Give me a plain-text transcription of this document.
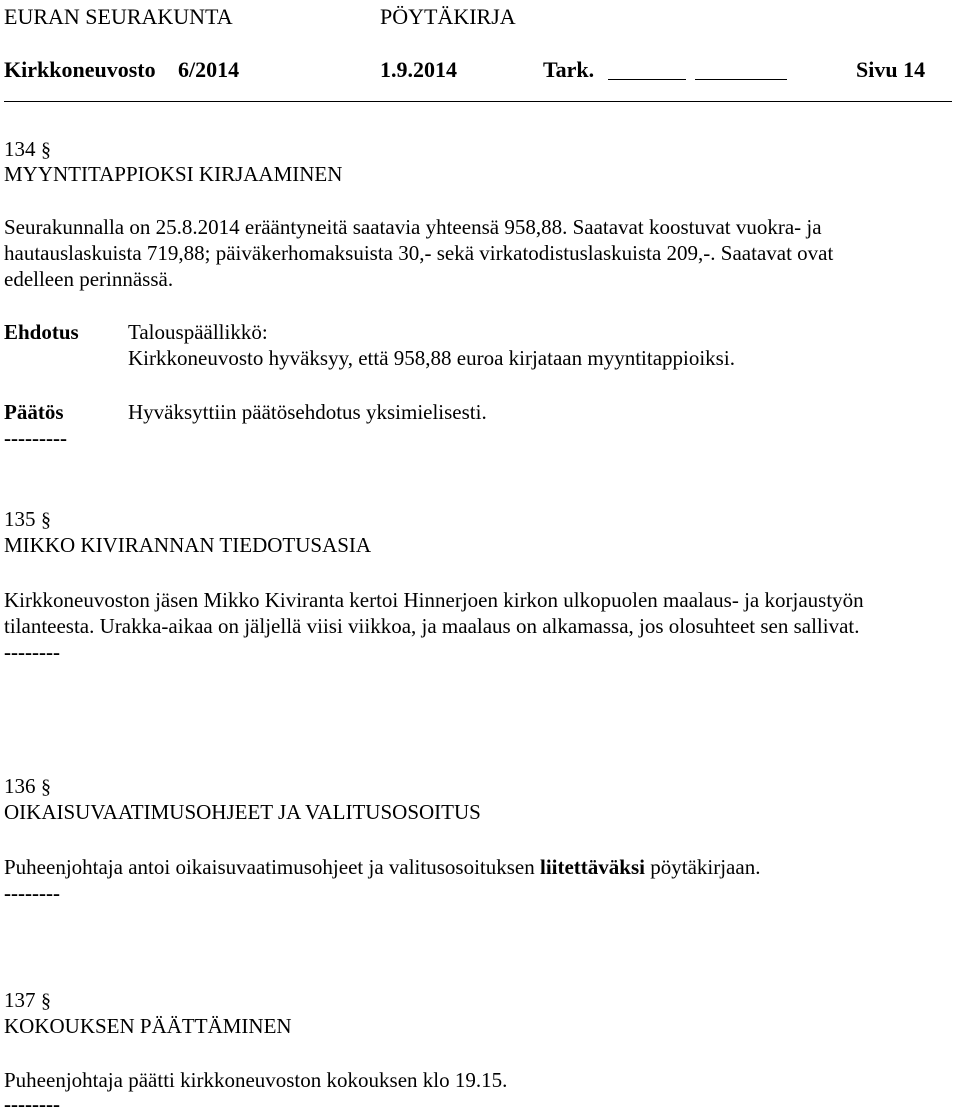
EURAN SEURAKUNTA	PÖYTÄKIRJA
Kirkkoneuvosto 6/2014	1.9.2014	Tark.	Sivu 14
134 §
MYYNTITAPPIOKSI KIRJAAMINEN
Seurakunnalla on 25.8.2014 erääntyneitä saatavia yhteensä 958,88. Saatavat koostuvat vuokra- ja
hautauslaskuista 719,88; päiväkerhomaksuista 30,- sekä virkatodistuslaskuista 209,-. Saatavat ovat
edelleen perinnässä.
Ehdotus Talouspäällikkö:
Kirkkoneuvosto hyväksyy, että 958,88 euroa kirjataan myyntitappioiksi.
Päätös	Hyväksyttiin päätösehdotus yksimielisesti.
---------
135 §
MIKKO KIVIRANNAN TIEDOTUSASIA
Kirkkoneuvoston jäsen Mikko Kiviranta kertoi Hinnerjoen kirkon ulkopuolen maalaus- ja korjaustyön
tilanteesta. Urakka-aikaa on jäljellä viisi viikkoa, ja maalaus on alkamassa, jos olosuhteet sen sallivat.
--------
136 §
OIKAISUVAATIMUSOHJEET JA VALITUSOSOITUS
Puheenjohtaja antoi oikaisuvaatimusohjeet ja valitusosoituksen liitettäväksi pöytäkirjaan.
--------
137 §
KOKOUKSEN PÄÄTTÄMINEN
Puheenjohtaja päätti kirkkoneuvoston kokouksen klo 19.15.
--------
